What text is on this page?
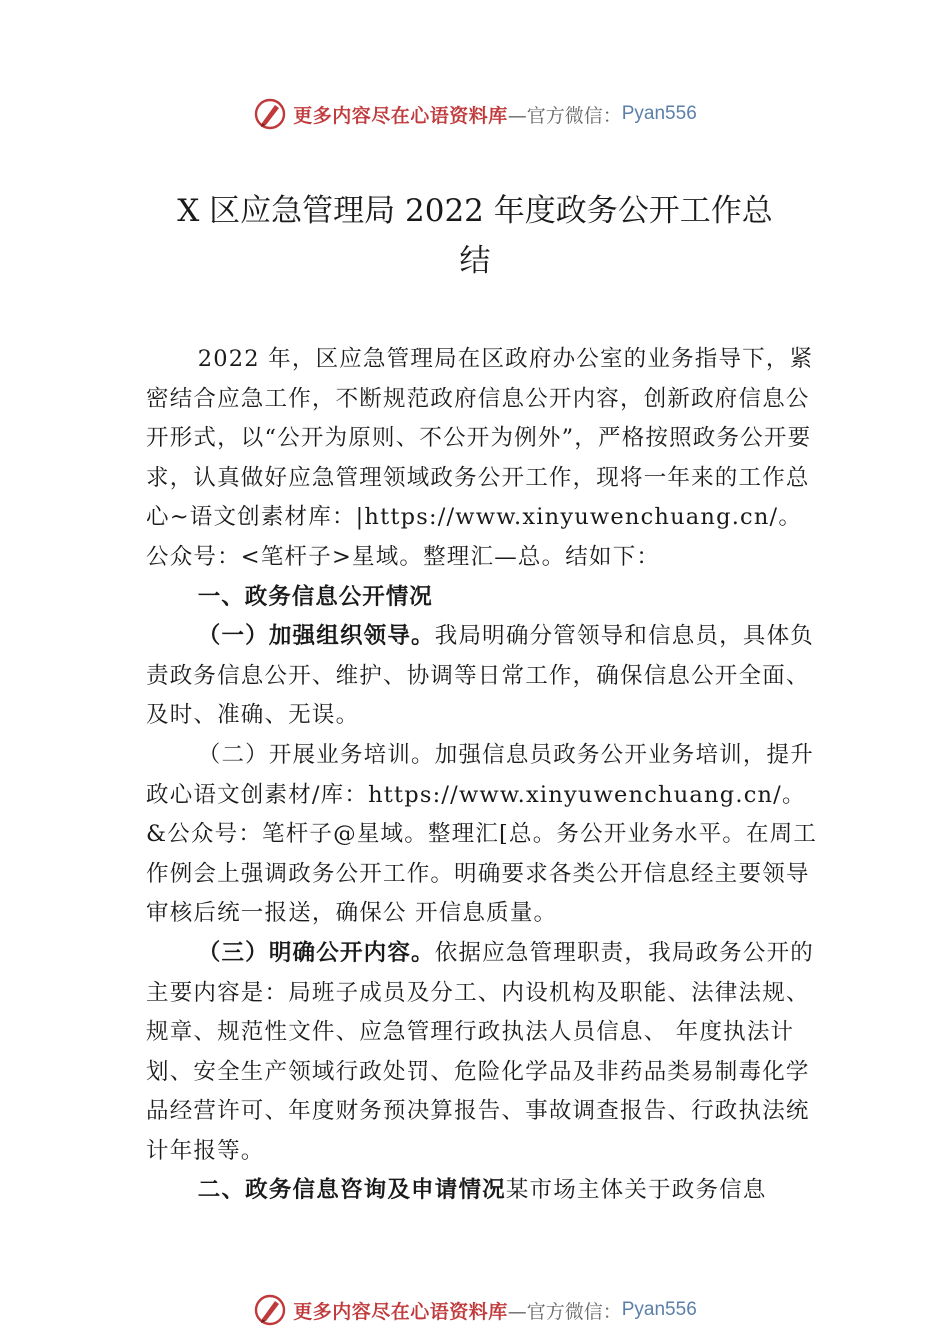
更多内容尽在心语资料库 —官方微信： Pyan556
X 区应急管理局 2022 年度政务公开工作总
结

2022 年，区应急管理局在区政府办公室的业务指导下，紧密结合应急工作，不断规范政府信息公开内容，创新政府信息公开形式，以“公开为原则、不公开为例外”，严格按照政务公开要求，认真做好应急管理领域政务公开工作，现将一年来的工作总心~语文创素材库：|https://www.xinyuwenchuang.cn/。公众号：<笔杆子>星域。整理汇—总。结如下：

一、政务信息公开情况

（一）加强组织领导。我局明确分管领导和信息员，具体负责政务信息公开、维护、协调等日常工作，确保信息公开全面、及时、准确、无误。

（二）开展业务培训。加强信息员政务公开业务培训，提升政心语文创素材/库：https://www.xinyuwenchuang.cn/。&公众号：笔杆子@星域。整理汇[总。务公开业务水平。在周工作例会上强调政务公开工作。明确要求各类公开信息经主要领导审核后统一报送，确保公 开信息质量。

（三）明确公开内容。依据应急管理职责，我局政务公开的主要内容是：局班子成员及分工、内设机构及职能、法律法规、规章、规范性文件、应急管理行政执法人员信息、 年度执法计划、安全生产领域行政处罚、危险化学品及非药品类易制毒化学品经营许可、年度财务预决算报告、事故调查报告、行政执法统计年报等。

二、政务信息咨询及申请情况某市场主体关于政务信息

更多内容尽在心语资料库 —官方微信： Pyan556
